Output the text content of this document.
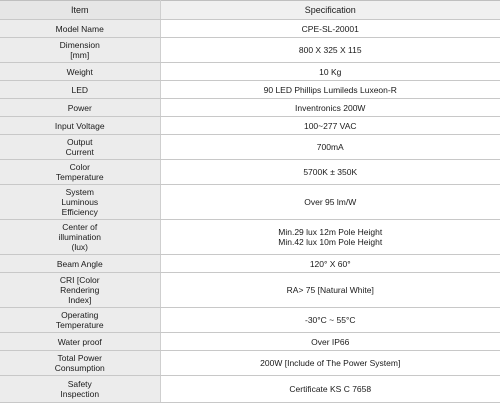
Item	Specification
Model Name	CPE-SL-20001
Dimension
[mm]	800 X 325 X 115
Weight	10 Kg
LED	90 LED Phillips Lumileds Luxeon-R
Power	Inventronics 200W
Input Voltage	100~277 VAC
Output
Current	700mA
Color
Temperature	5700K ± 350K
System
Luminous
Efficiency	Over 95 lm/W
Center of
illumination
(lux)	Min.29 lux 12m Pole Height
Min.42 lux 10m Pole Height
Beam Angle	120° X 60°
CRI [Color
Rendering
Index]	RA> 75 [Natural White]
Operating
Temperature	-30°C ~ 55°C
Water proof	Over IP66
Total Power
Consumption	200W [Include of The Power System]
Safety
Inspection	Certificate KS C 7658
